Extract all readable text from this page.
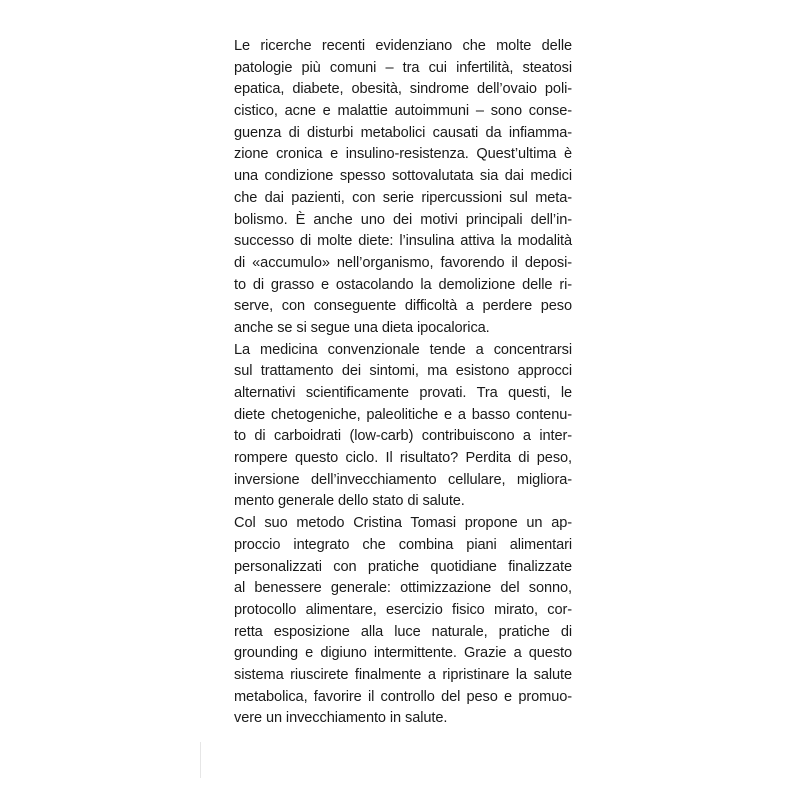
Le ricerche recenti evidenziano che molte delle
patologie più comuni – tra cui infertilità, steatosi
epatica, diabete, obesità, sindrome dell’ovaio poli-
cistico, acne e malattie autoimmuni – sono conse-
guenza di disturbi metabolici causati da infiamma-
zione cronica e insulino-resistenza. Quest’ultima è
una condizione spesso sottovalutata sia dai medici
che dai pazienti, con serie ripercussioni sul meta-
bolismo. È anche uno dei motivi principali dell’in-
successo di molte diete: l’insulina attiva la modalità
di «accumulo» nell’organismo, favorendo il deposi-
to di grasso e ostacolando la demolizione delle ri-
serve, con conseguente difficoltà a perdere peso
anche se si segue una dieta ipocalorica.
La medicina convenzionale tende a concentrarsi
sul trattamento dei sintomi, ma esistono approcci
alternativi scientificamente provati. Tra questi, le
diete chetogeniche, paleolitiche e a basso contenu-
to di carboidrati (low-carb) contribuiscono a inter-
rompere questo ciclo. Il risultato? Perdita di peso,
inversione dell’invecchiamento cellulare, migliora-
mento generale dello stato di salute.
Col suo metodo Cristina Tomasi propone un ap-
proccio integrato che combina piani alimentari
personalizzati con pratiche quotidiane finalizzate
al benessere generale: ottimizzazione del sonno,
protocollo alimentare, esercizio fisico mirato, cor-
retta esposizione alla luce naturale, pratiche di
grounding e digiuno intermittente. Grazie a questo
sistema riuscirete finalmente a ripristinare la salute
metabolica, favorire il controllo del peso e promuo-
vere un invecchiamento in salute.
